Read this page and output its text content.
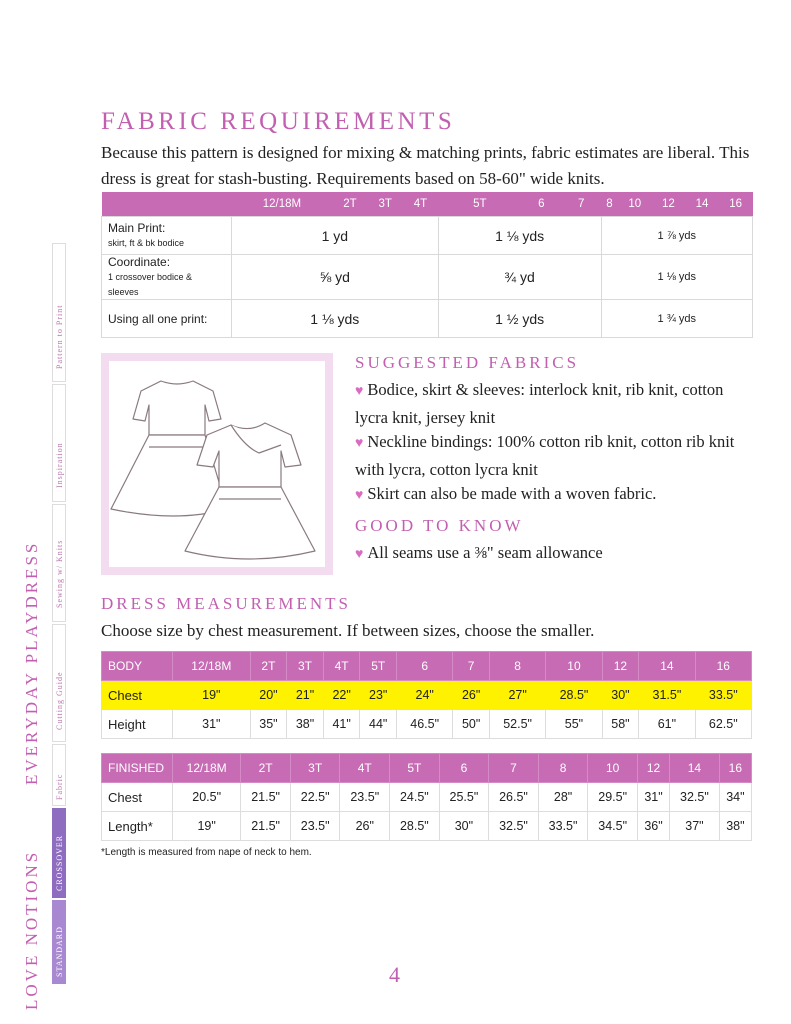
LOVE NOTIONS
EVERYDAY PLAYDRESS
Pattern to Print
Inspiration
Sewing w/ Knits
Cutting Guide
Fabric
CROSSOVER
STANDARD
FABRIC REQUIREMENTS
Because this pattern is designed for mixing & matching prints, fabric estimates are liberal. This dress is great for stash-busting. Requirements based on 58-60" wide knits.
	12/18M	2T	3T	4T	5T	6	7	8	10	12	14	16
Main Print:
skirt, ft & bk bodice	1 yd				1 ⅛ yds			1 ⅞ yds				
Coordinate:
1 crossover bodice & sleeves	⅝ yd				¾ yd			1 ⅛ yds				
Using all one print:	1 ⅛ yds				1 ½ yds			1 ¾ yds				
SUGGESTED FABRICS
♥ Bodice, skirt & sleeves: interlock knit, rib knit, cotton lycra knit, jersey knit
♥ Neckline bindings: 100% cotton rib knit, cotton rib knit with lycra, cotton lycra knit
♥ Skirt can also be made with a woven fabric.
GOOD TO KNOW
♥ All seams use a ⅜" seam allowance
DRESS MEASUREMENTS
Choose size by chest measurement. If between sizes, choose the smaller.
BODY	12/18M	2T	3T	4T	5T	6	7	8	10	12	14	16
Chest	19"	20"	21"	22"	23"	24"	26"	27"	28.5"	30"	31.5"	33.5"
Height	31"	35"	38"	41"	44"	46.5"	50"	52.5"	55"	58"	61"	62.5"
FINISHED	12/18M	2T	3T	4T	5T	6	7	8	10	12	14	16
Chest	20.5"	21.5"	22.5"	23.5"	24.5"	25.5"	26.5"	28"	29.5"	31"	32.5"	34"
Length*	19"	21.5"	23.5"	26"	28.5"	30"	32.5"	33.5"	34.5"	36"	37"	38"
*Length is measured from nape of neck to hem.
4
